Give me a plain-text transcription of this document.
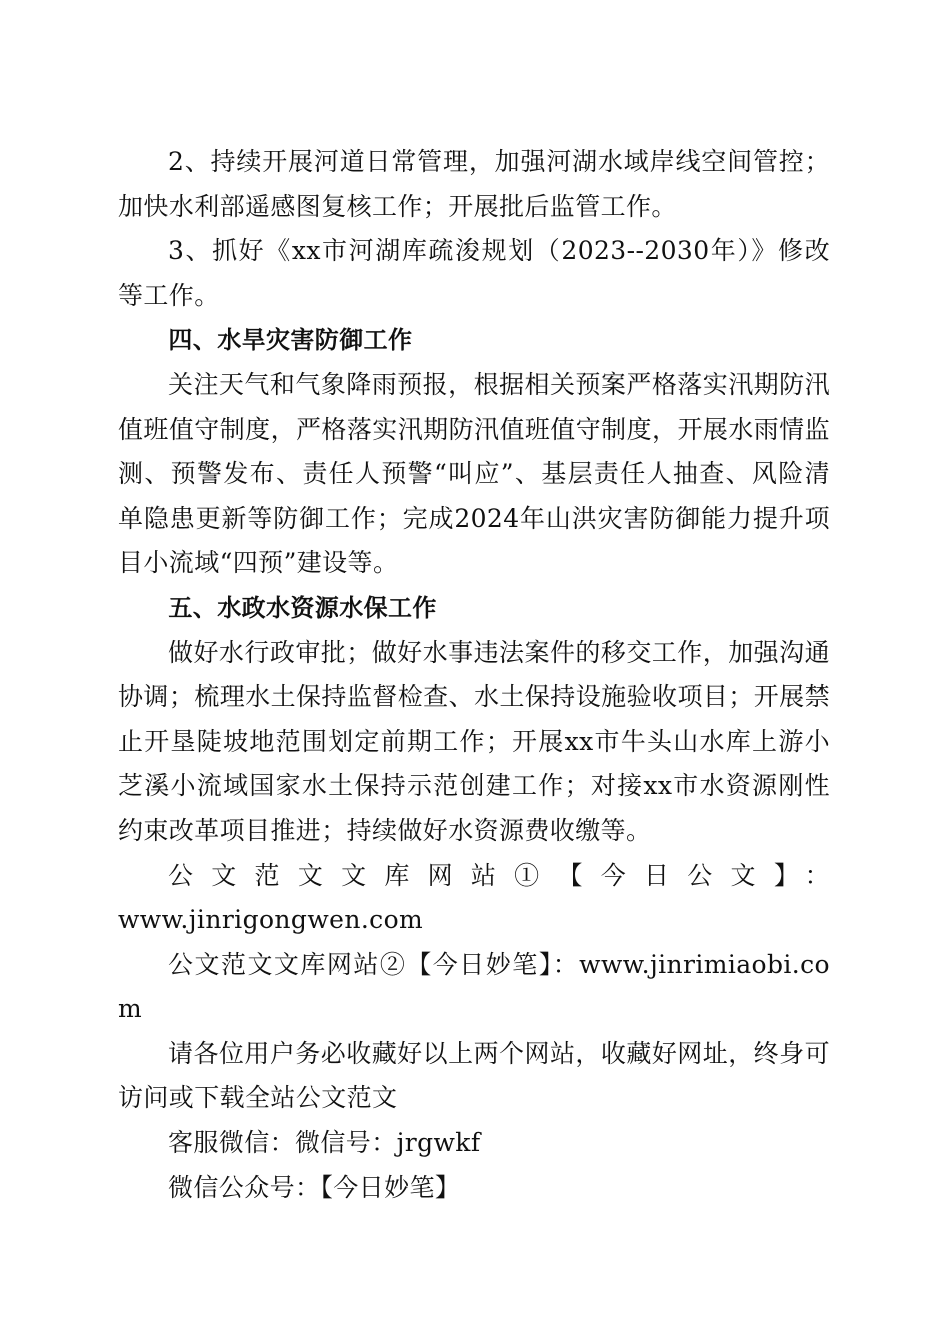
2、持续开展河道日常管理，加强河湖水域岸线空间管控；加快水利部遥感图复核工作；开展批后监管工作。

3、抓好《xx市河湖库疏浚规划（2023--2030年）》修改等工作。

四、水旱灾害防御工作

关注天气和气象降雨预报，根据相关预案严格落实汛期防汛值班值守制度，严格落实汛期防汛值班值守制度，开展水雨情监测、预警发布、责任人预警“叫应”、基层责任人抽查、风险清单隐患更新等防御工作；完成2024年山洪灾害防御能力提升项目小流域“四预”建设等。

五、水政水资源水保工作

做好水行政审批；做好水事违法案件的移交工作，加强沟通协调；梳理水土保持监督检查、水土保持设施验收项目；开展禁止开垦陡坡地范围划定前期工作；开展xx市牛头山水库上游小芝溪小流域国家水土保持示范创建工作；对接xx市水资源刚性约束改革项目推进；持续做好水资源费收缴等。

公文范文文库网站①【今日公文】：

www.jinrigongwen.com

公文范文文库网站②【今日妙笔】：www.jinrimiaobi.com

请各位用户务必收藏好以上两个网站，收藏好网址，终身可访问或下载全站公文范文

客服微信：微信号：jrgwkf

微信公众号：【今日妙笔】
